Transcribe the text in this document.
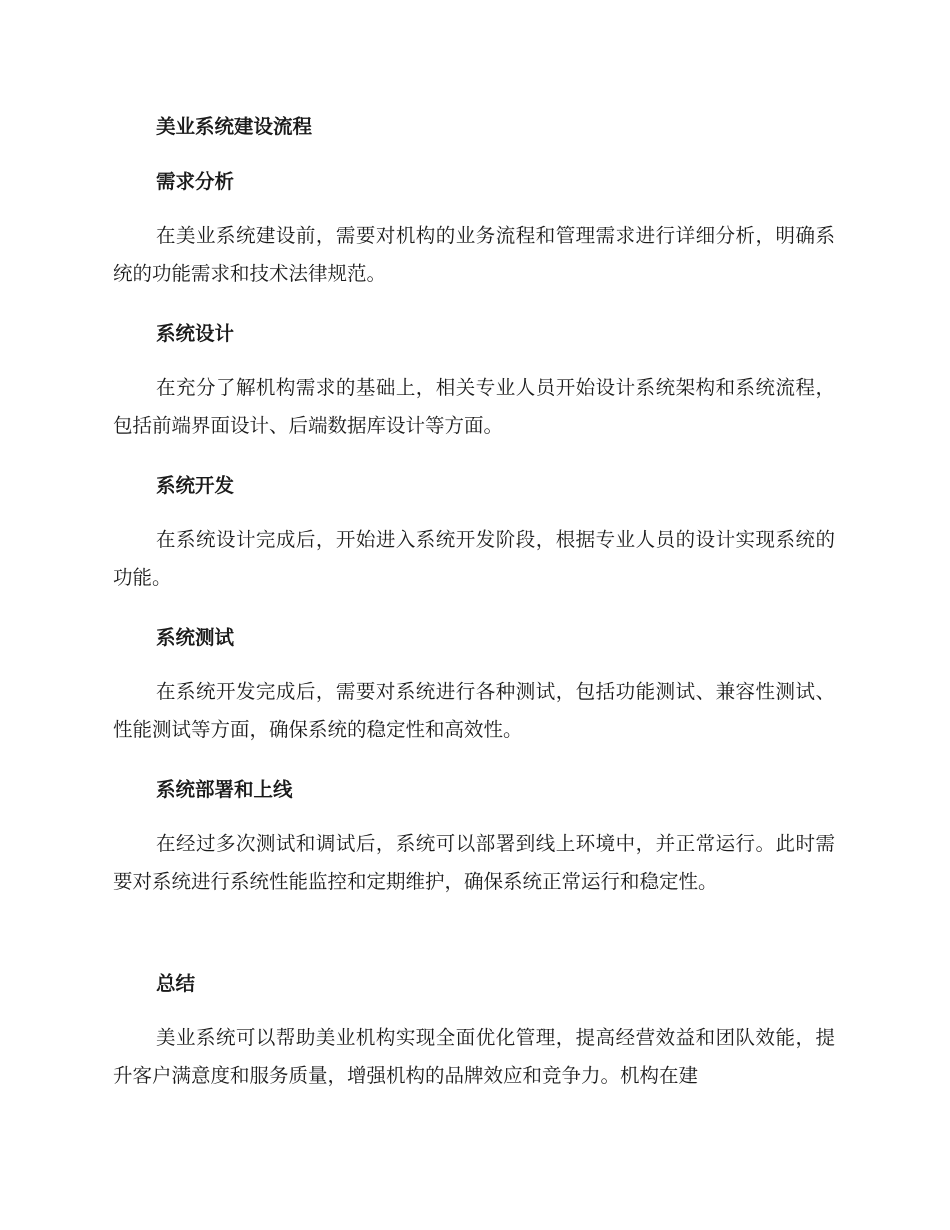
美业系统建设流程
需求分析

在美业系统建设前，需要对机构的业务流程和管理需求进行详细分析，明确系统的功能需求和技术法律规范。

系统设计

在充分了解机构需求的基础上，相关专业人员开始设计系统架构和系统流程，包括前端界面设计、后端数据库设计等方面。

系统开发

在系统设计完成后，开始进入系统开发阶段，根据专业人员的设计实现系统的功能。

系统测试

在系统开发完成后，需要对系统进行各种测试，包括功能测试、兼容性测试、性能测试等方面，确保系统的稳定性和高效性。

系统部署和上线

在经过多次测试和调试后，系统可以部署到线上环境中，并正常运行。此时需要对系统进行系统性能监控和定期维护，确保系统正常运行和稳定性。

总结

美业系统可以帮助美业机构实现全面优化管理，提高经营效益和团队效能，提升客户满意度和服务质量，增强机构的品牌效应和竞争力。机构在建
